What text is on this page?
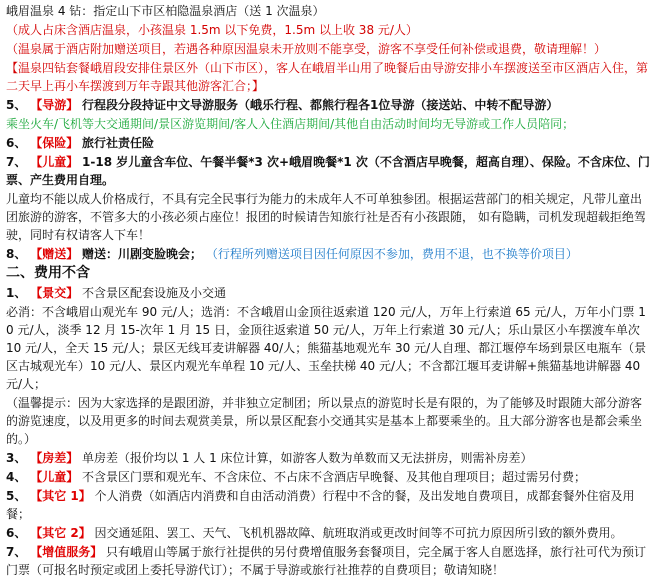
峨眉温泉 4 钻：指定山下市区柏隐温泉酒店（送 1 次温泉）

（成人占床含酒店温泉，小孩温泉 1.5m 以下免费，1.5m 以上收 38 元/人）

（温泉属于酒店附加赠送项目，若遇各种原因温泉未开放则不能享受，游客不享受任何补偿或退费，敬请理解！）

【温泉四钻套餐峨眉段安排住景区外（山下市区），客人在峨眉半山用了晚餐后由导游安排小车摆渡送至市区酒店入住，第二天早上再小车摆渡到万年寺跟其他游客汇合；】

5、 【导游】 行程段分段持证中文导游服务（峨乐行程、都熊行程各1位导游（接送站、中转不配导游）

乘坐火车/飞机等大交通期间/景区游览期间/客人入住酒店期间/其他自由活动时间均无导游或工作人员陪同；

6、 【保险】 旅行社责任险

7、 【儿童】 1-18 岁儿童含车位、午餐半餐*3 次+峨眉晚餐*1 次（不含酒店早晚餐，超高自理）、保险。不含床位、门票、产生费用自理。

儿童均不能以成人价格成行，不具有完全民事行为能力的未成年人不可单独参团。根据运营部门的相关规定，凡带儿童出团旅游的游客，不管多大的小孩必须占座位！报团的时候请告知旅行社是否有小孩跟随， 如有隐瞒，司机发现超载拒绝驾驶，同时有权请客人下车！

8、 【赠送】 赠送：川剧变脸晚会； （行程所列赠送项目因任何原因不参加，费用不退，也不换等价项目）

二、费用不含

1、 【景交】 不含景区配套设施及小交通

必消：不含峨眉山观光车 90 元/人；选消：不含峨眉山金顶往返索道 120 元/人，万年上行索道 65 元/人，万年小门票 10 元/人，淡季 12 月 15-次年 1 月 15 日，金顶往返索道 50 元/人，万年上行索道 30 元/人；乐山景区小车摆渡车单次 10 元/人，全天 15 元/人；景区无线耳麦讲解器 40/人；熊猫基地观光车 30 元/人自理、都江堰停车场到景区电瓶车（景区古城观光车）10 元/人、景区内观光车单程 10 元/人、玉垒扶梯 40 元/人；不含都江堰耳麦讲解+熊猫基地讲解器 40 元/人；

（温馨提示：因为大家选择的是跟团游，并非独立定制团；所以景点的游览时长是有限的，为了能够及时跟随大部分游客的游览速度，以及用更多的时间去观赏美景，所以景区配套小交通其实是基本上都要乘坐的。且大部分游客也是都会乘坐的。）

3、 【房差】 单房差（报价均以 1 人 1 床位计算，如游客人数为单数而又无法拼房，则需补房差）

4、 【儿童】 不含景区门票和观光车、不含床位、不占床不含酒店早晚餐、及其他自理项目；超过需另付费；

5、 【其它 1】 个人消费（如酒店内消费和自由活动消费）行程中不含的餐，及出发地自费项目，成都套餐外住宿及用餐；

6、 【其它 2】 因交通延阻、罢工、天气、飞机机器故障、航班取消或更改时间等不可抗力原因所引致的额外费用。

7、 【增值服务】 只有峨眉山等属于旅行社提供的另付费增值服务套餐项目，完全属于客人自愿选择，旅行社可代为预订门票（可报名时预定或团上委托导游代订）；不属于导游或旅行社推荐的自费项目；敬请知晓！
